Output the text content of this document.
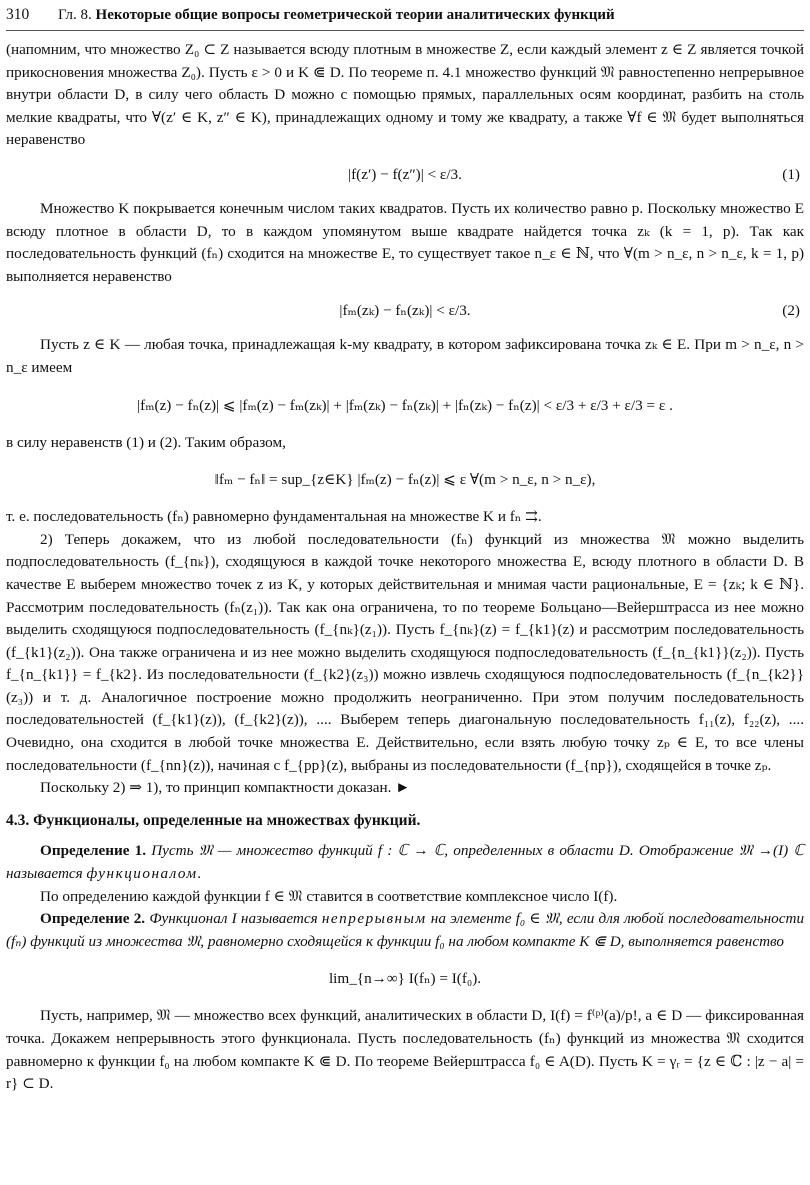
310	Гл. 8. Некоторые общие вопросы геометрической теории аналитических функций

(напомним, что множество Z₀ ⊂ Z называется всюду плотным в множестве Z, если каждый элемент z ∈ Z является точкой прикосновения множества Z₀). Пусть ε > 0 и K ⋐ D. По теореме п. 4.1 множество функций 𝔐 равностепенно непрерывное внутри области D, в силу чего область D можно с помощью прямых, параллельных осям координат, разбить на столь мелкие квадраты, что ∀(z′ ∈ K, z″ ∈ K), принадлежащих одному и тому же квадрату, а также ∀f ∈ 𝔐 будет выполняться неравенство

|f(z′) − f(z″)| < ε/3.	(1)

Множество K покрывается конечным числом таких квадратов. Пусть их количество равно p. Поскольку множество E всюду плотное в области D, то в каждом упомянутом выше квадрате найдется точка zₖ (k = 1, p). Так как последовательность функций (fₙ) сходится на множестве E, то существует такое n_ε ∈ ℕ, что ∀(m > n_ε, n > n_ε, k = 1, p) выполняется неравенство

|fₘ(zₖ) − fₙ(zₖ)| < ε/3.	(2)

Пусть z ∈ K — любая точка, принадлежащая k-му квадрату, в котором зафиксирована точка zₖ ∈ E. При m > n_ε, n > n_ε имеем

|fₘ(z) − fₙ(z)| ⩽ |fₘ(z) − fₘ(zₖ)| + |fₘ(zₖ) − fₙ(zₖ)| + |fₙ(zₖ) − fₙ(z)| < ε/3 + ε/3 + ε/3 = ε .

в силу неравенств (1) и (2). Таким образом,

‖fₘ − fₙ‖ = sup_{z∈K} |fₘ(z) − fₙ(z)| ⩽ ε ∀(m > n_ε, n > n_ε),

т. е. последовательность (fₙ) равномерно фундаментальная на множестве K и fₙ ⇉.

2) Теперь докажем, что из любой последовательности (fₙ) функций из множества 𝔐 можно выделить подпоследовательность (f_{nₖ}), сходящуюся в каждой точке некоторого множества E, всюду плотного в области D. В качестве E выберем множество точек z из K, у которых действительная и мнимая части рациональные, E = {zₖ; k ∈ ℕ}. Рассмотрим последовательность (fₙ(z₁)). Так как она ограничена, то по теореме Больцано—Вейерштрасса из нее можно выделить сходящуюся подпоследовательность (f_{nₖ}(z₁)). Пусть f_{nₖ}(z) = f_{k1}(z) и рассмотрим последовательность (f_{k1}(z₂)). Она также ограничена и из нее можно выделить сходящуюся подпоследовательность (f_{n_{k1}}(z₂)). Пусть f_{n_{k1}} = f_{k2}. Из последовательности (f_{k2}(z₃)) можно извлечь сходящуюся подпоследовательность (f_{n_{k2}}(z₃)) и т. д. Аналогичное построение можно продолжить неограниченно. При этом получим последовательность последовательностей (f_{k1}(z)), (f_{k2}(z)), .... Выберем теперь диагональную последовательность f₁₁(z), f₂₂(z), .... Очевидно, она сходится в любой точке множества E. Действительно, если взять любую точку zₚ ∈ E, то все члены последовательности (f_{nn}(z)), начиная с f_{pp}(z), выбраны из последовательности (f_{np}), сходящейся в точке zₚ.

Поскольку 2) ⇒ 1), то принцип компактности доказан. ►

4.3. Функционалы, определенные на множествах функций.

Определение 1. Пусть 𝔐 — множество функций f : ℂ → ℂ, определенных в области D. Отображение 𝔐 →(I) ℂ называется функционалом.

По определению каждой функции f ∈ 𝔐 ставится в соответствие комплексное число I(f).

Определение 2. Функционал I называется непрерывным на элементе f₀ ∈ 𝔐, если для любой последовательности (fₙ) функций из множества 𝔐, равномерно сходящейся к функции f₀ на любом компакте K ⋐ D, выполняется равенство

lim_{n→∞} I(fₙ) = I(f₀).

Пусть, например, 𝔐 — множество всех функций, аналитических в области D, I(f) = f⁽ᵖ⁾(a)/p!, a ∈ D — фиксированная точка. Докажем непрерывность этого функционала. Пусть последовательность (fₙ) функций из множества 𝔐 сходится равномерно к функции f₀ на любом компакте K ⋐ D. По теореме Вейерштрасса f₀ ∈ A(D). Пусть K = γᵣ = {z ∈ ℂ : |z − a| = r} ⊂ D.
